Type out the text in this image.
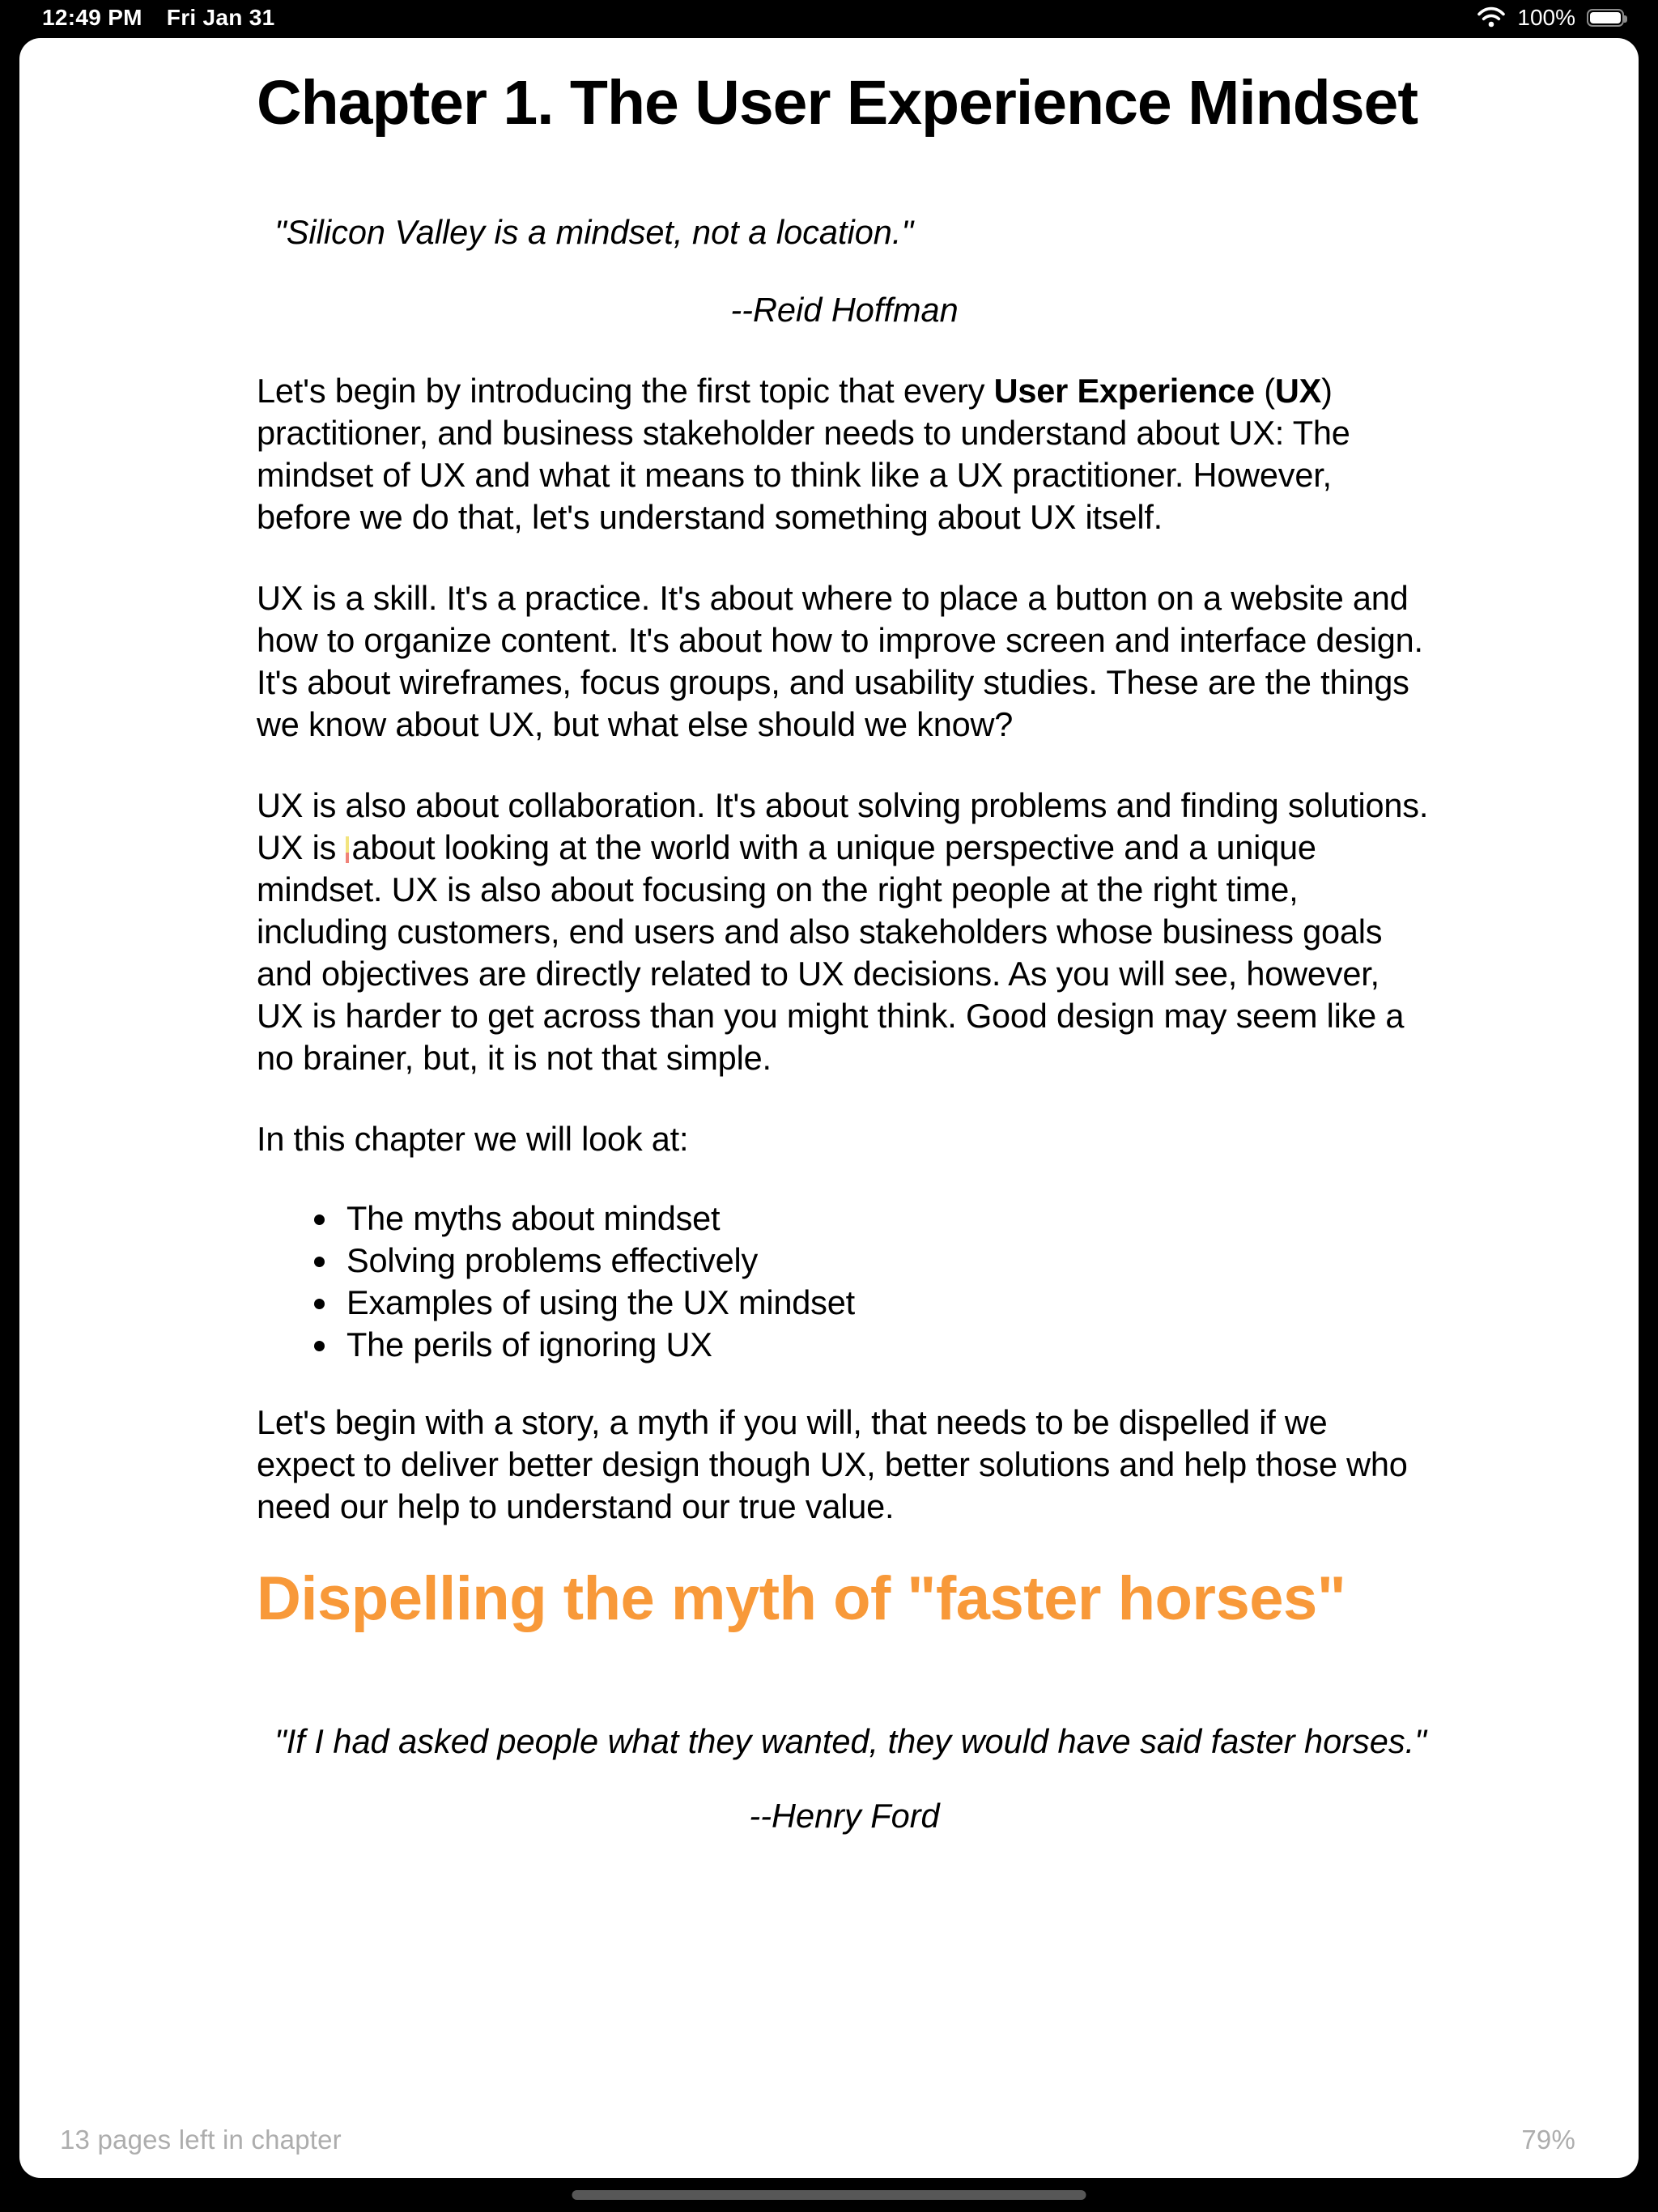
12:49 PM Fri Jan 31	100%
Chapter 1. The User Experience Mindset
"Silicon Valley is a mindset, not a location."
--Reid Hoffman

Let's begin by introducing the first topic that every User Experience (UX) practitioner, and business stakeholder needs to understand about UX: The mindset of UX and what it means to think like a UX practitioner. However, before we do that, let's understand something about UX itself.

UX is a skill. It's a practice. It's about where to place a button on a website and how to organize content. It's about how to improve screen and interface design. It's about wireframes, focus groups, and usability studies. These are the things we know about UX, but what else should we know?

UX is also about collaboration. It's about solving problems and finding solutions. UX is about looking at the world with a unique perspective and a unique mindset. UX is also about focusing on the right people at the right time, including customers, end users and also stakeholders whose business goals and objectives are directly related to UX decisions. As you will see, however, UX is harder to get across than you might think. Good design may seem like a no brainer, but, it is not that simple.

In this chapter we will look at:

• The myths about mindset
• Solving problems effectively
• Examples of using the UX mindset
• The perils of ignoring UX

Let's begin with a story, a myth if you will, that needs to be dispelled if we expect to deliver better design though UX, better solutions and help those who need our help to understand our true value.

Dispelling the myth of "faster horses"
"If I had asked people what they wanted, they would have said faster horses."
--Henry Ford
13 pages left in chapter	79%
